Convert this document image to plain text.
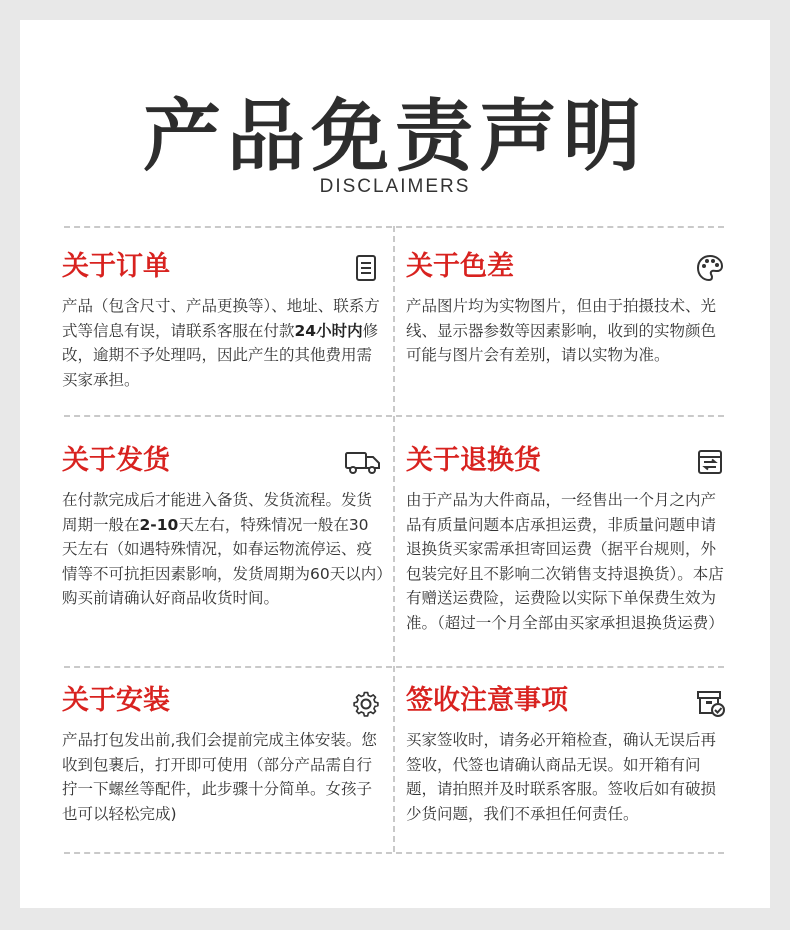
产品免责声明
DISCLAIMERS
关于订单
产品（包含尺寸、产品更换等）、地址、联系方式等信息有误，请联系客服在付款24小时内修改，逾期不予处理吗，因此产生的其他费用需买家承担。
关于色差
产品图片均为实物图片，但由于拍摄技术、光线、显示器参数等因素影响，收到的实物颜色可能与图片会有差别，请以实物为准。
关于发货
在付款完成后才能进入备货、发货流程。发货周期一般在2-10天左右，特殊情况一般在30天左右（如遇特殊情况，如春运物流停运、疫情等不可抗拒因素影响，发货周期为60天以内）购买前请确认好商品收货时间。
关于退换货
由于产品为大件商品，一经售出一个月之内产品有质量问题本店承担运费，非质量问题申请退换货买家需承担寄回运费（据平台规则，外包装完好且不影响二次销售支持退换货）。本店有赠送运费险，运费险以实际下单保费生效为准。（超过一个月全部由买家承担退换货运费）
关于安装
产品打包发出前,我们会提前完成主体安装。您收到包裹后，打开即可使用（部分产品需自行拧一下螺丝等配件，此步骤十分简单。女孩子也可以轻松完成)
签收注意事项
买家签收时，请务必开箱检查，确认无误后再签收，代签也请确认商品无误。如开箱有问题，请拍照并及时联系客服。签收后如有破损少货问题，我们不承担任何责任。
